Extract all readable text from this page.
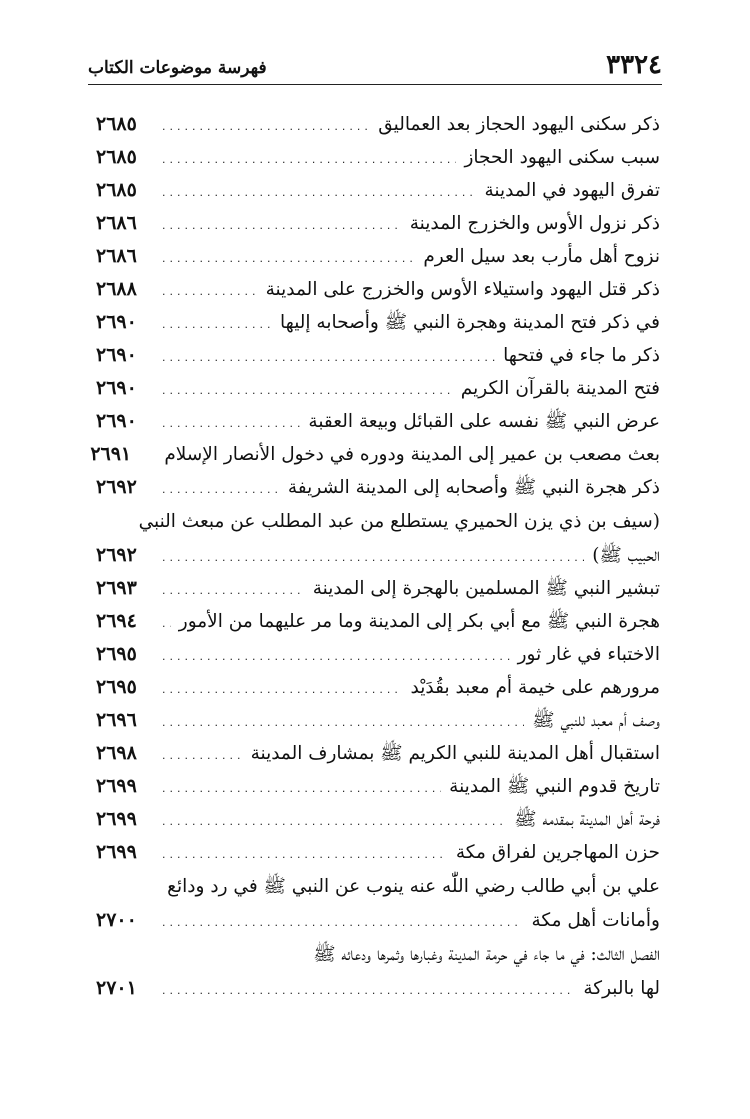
فهرسة موضوعات الكتاب	٣٣٢٤
ذكر سكنى اليهود الحجاز بعد العماليق
.....
٢٦٨٥
سبب سكنى اليهود الحجاز
.....
٢٦٨٥
تفرق اليهود في المدينة
.....
٢٦٨٥
ذكر نزول الأوس والخزرج المدينة
.....
٢٦٨٦
نزوح أهل مأرب بعد سيل العرم
.....
٢٦٨٦
ذكر قتل اليهود واستيلاء الأوس والخزرج على المدينة
.....
٢٦٨٨
في ذكر فتح المدينة وهجرة النبي ﷺ وأصحابه إليها
.....
٢٦٩٠
ذكر ما جاء في فتحها
.....
٢٦٩٠
فتح المدينة بالقرآن الكريم
.....
٢٦٩٠
عرض النبي ﷺ نفسه على القبائل وبيعة العقبة
.....
٢٦٩٠
بعث مصعب بن عمير إلى المدينة ودوره في دخول الأنصار الإسلام
٢٦٩١
ذكر هجرة النبي ﷺ وأصحابه إلى المدينة الشريفة
.....
٢٦٩٢
(سيف بن ذي يزن الحميري يستطلع من عبد المطلب عن مبعث النبي
الحبيب ﷺ)
.....
٢٦٩٢
تبشير النبي ﷺ المسلمين بالهجرة إلى المدينة
.....
٢٦٩٣
هجرة النبي ﷺ مع أبي بكر إلى المدينة وما مر عليهما من الأمور
.....
٢٦٩٤
الاختباء في غار ثور
.....
٢٦٩٥
مرورهم على خيمة أم معبد بقُدَيْد
.....
٢٦٩٥
وصف أم معبد للنبي ﷺ
.....
٢٦٩٦
استقبال أهل المدينة للنبي الكريم ﷺ بمشارف المدينة
.....
٢٦٩٨
تاريخ قدوم النبي ﷺ المدينة
.....
٢٦٩٩
فرحة أهل المدينة بمقدمه ﷺ
.....
٢٦٩٩
حزن المهاجرين لفراق مكة
.....
٢٦٩٩
علي بن أبي طالب رضي اللّٰه عنه ينوب عن النبي ﷺ في رد ودائع
وأمانات أهل مكة
.....
٢٧٠٠
الفصل الثالث: في ما جاء في حرمة المدينة وغبارها وثمرها ودعائه ﷺ
لها بالبركة
.....
٢٧٠١
